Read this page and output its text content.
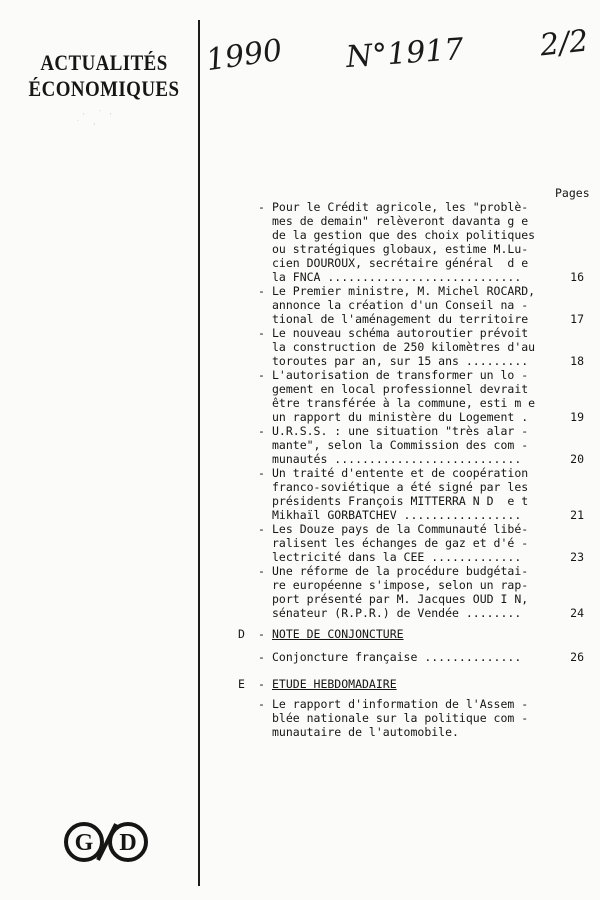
ACTUALITÉS
ÉCONOMIQUES

·  ˙ ·
˙  ·

1990 N°1917 2/2
Pages
- Pour le Crédit agricole, les "problè-
mes de demain" relèveront davanta g e
de la gestion que des choix politiques
ou stratégiques globaux, estime M.Lu-
cien DOUROUX, secrétaire général  d e
la FNCA ............................	16
- Le Premier ministre, M. Michel ROCARD,
annonce la création d'un Conseil na -
tional de l'aménagement du territoire	17
- Le nouveau schéma autoroutier prévoit
la construction de 250 kilomètres d'au
toroutes par an, sur 15 ans .........	18
- L'autorisation de transformer un lo -
gement en local professionnel devrait
être transférée à la commune, esti m e
un rapport du ministère du Logement .	19
- U.R.S.S. : une situation "très alar -
mante", selon la Commission des com -
munautés ...........................	20
- Un traité d'entente et de coopération
franco-soviétique a été signé par les
présidents François MITTERRA N D  e t
Mikhaïl GORBATCHEV .................	21
- Les Douze pays de la Communauté libé-
ralisent les échanges de gaz et d'é -
lectricité dans la CEE .............	23
- Une réforme de la procédure budgétai-
re européenne s'impose, selon un rap-
port présenté par M. Jacques OUD I N,
sénateur (R.P.R.) de Vendée ........	24
D - NOTE DE CONJONCTURE
- Conjoncture française ..............	26
E - ETUDE HEBDOMADAIRE
- Le rapport d'information de l'Assem -
blée nationale sur la politique com -
munautaire de l'automobile.
G D
